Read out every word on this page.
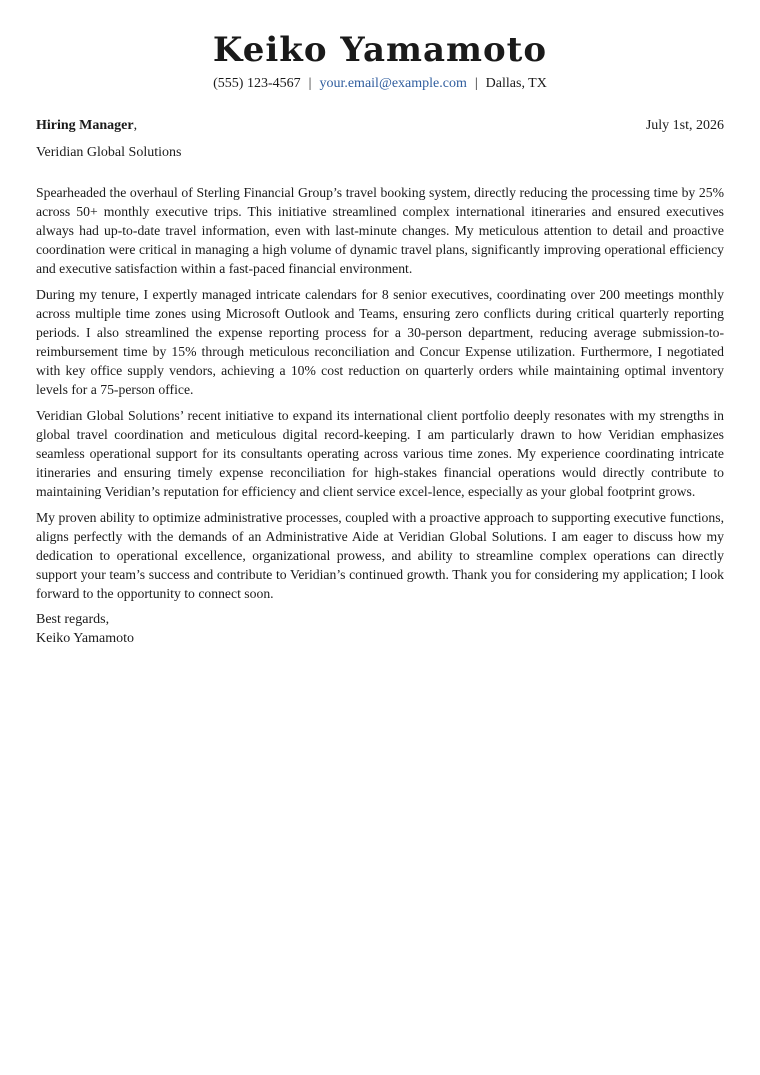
Keiko Yamamoto
(555) 123-4567 | your.email@example.com | Dallas, TX
Hiring Manager,	July 1st, 2026
Veridian Global Solutions

Spearheaded the overhaul of Sterling Financial Group’s travel booking system, directly reducing the processing time by 25% across 50+ monthly executive trips. This initiative streamlined complex international itineraries and ensured executives always had up-to-date travel information, even with last-minute changes. My meticulous attention to detail and proactive coordination were critical in managing a high volume of dynamic travel plans, significantly improving operational efficiency and executive satisfaction within a fast-paced financial environment.

During my tenure, I expertly managed intricate calendars for 8 senior executives, coordinating over 200 meetings monthly across multiple time zones using Microsoft Outlook and Teams, ensuring zero conflicts during critical quarterly reporting periods. I also streamlined the expense reporting process for a 30-person department, reducing average submission-to-reimbursement time by 15% through meticulous reconciliation and Concur Expense utilization. Furthermore, I negotiated with key office supply vendors, achieving a 10% cost reduction on quarterly orders while maintaining optimal inventory levels for a 75-person office.

Veridian Global Solutions’ recent initiative to expand its international client portfolio deeply resonates with my strengths in global travel coordination and meticulous digital record-keeping. I am particularly drawn to how Veridian emphasizes seamless operational support for its consultants operating across various time zones. My experience coordinating intricate itineraries and ensuring timely expense reconciliation for high-stakes financial operations would directly contribute to maintaining Veridian’s reputation for efficiency and client service excel-lence, especially as your global footprint grows.

My proven ability to optimize administrative processes, coupled with a proactive approach to supporting executive functions, aligns perfectly with the demands of an Administrative Aide at Veridian Global Solutions. I am eager to discuss how my dedication to operational excellence, organizational prowess, and ability to streamline complex operations can directly support your team’s success and contribute to Veridian’s continued growth. Thank you for considering my application; I look forward to the opportunity to connect soon.

Best regards,
Keiko Yamamoto
